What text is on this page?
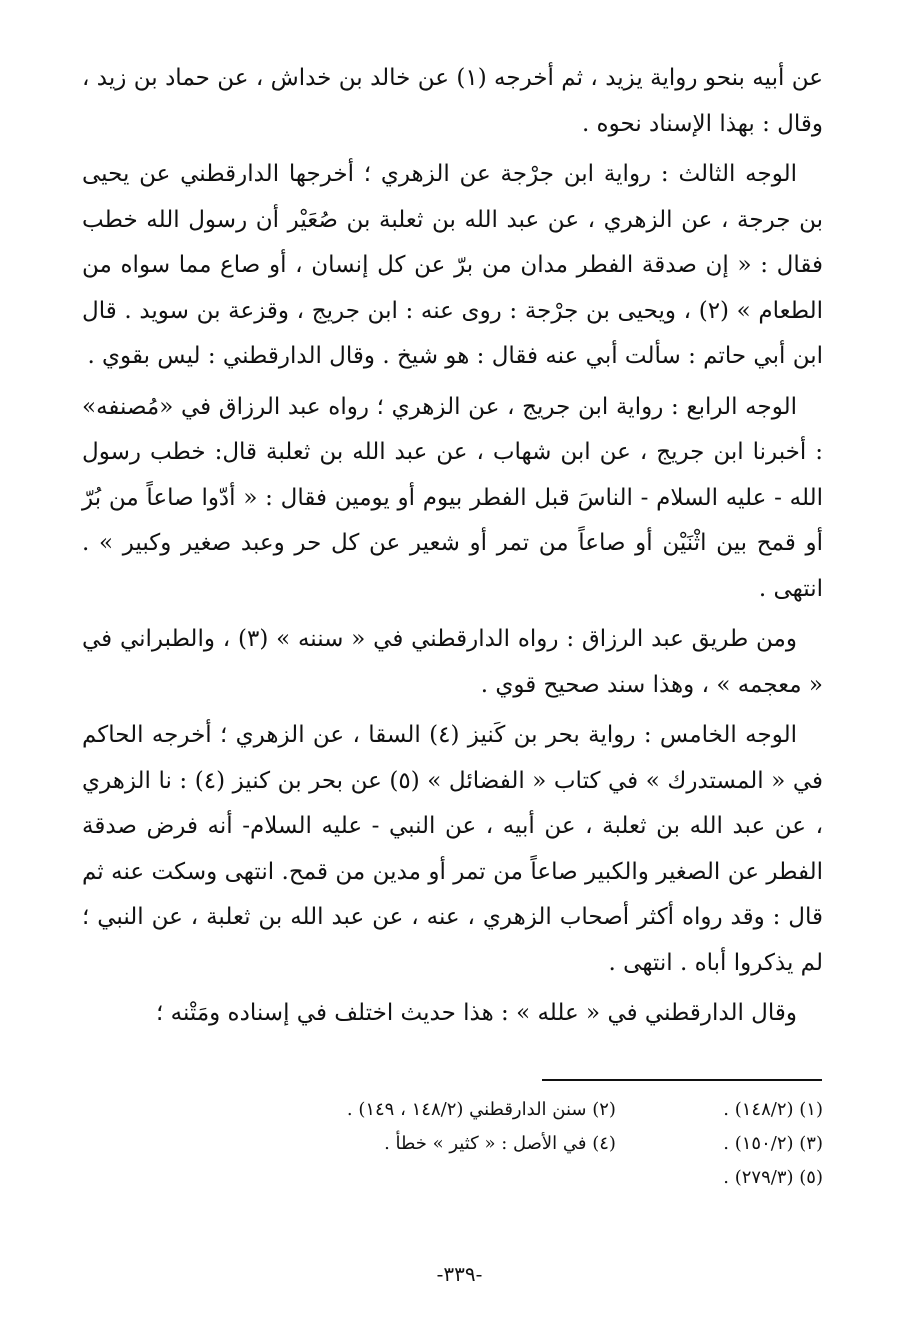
عن أبيه بنحو رواية يزيد ، ثم أخرجه (١) عن خالد بن خداش ، عن حماد بن زيد ، وقال : بهذا الإسناد نحوه .

الوجه الثالث : رواية ابن جرْجة عن الزهري ؛ أخرجها الدارقطني عن يحيى بن جرجة ، عن الزهري ، عن عبد الله بن ثعلبة بن صُعَيْر أن رسول الله خطب فقال : « إن صدقة الفطر مدان من برّ عن كل إنسان ، أو صاع مما سواه من الطعام » (٢) ، ويحيى بن جرْجة : روى عنه : ابن جريج ، وقزعة بن سويد . قال ابن أبي حاتم : سألت أبي عنه فقال : هو شيخ . وقال الدارقطني : ليس بقوي .

الوجه الرابع : رواية ابن جريج ، عن الزهري ؛ رواه عبد الرزاق في «مُصنفه» : أخبرنا ابن جريج ، عن ابن شهاب ، عن عبد الله بن ثعلبة قال: خطب رسول الله - عليه السلام - الناسَ قبل الفطر بيوم أو يومين فقال : « أدّوا صاعاً من بُرّ أو قمح بين اثْنَيْن أو صاعاً من تمر أو شعير عن كل حر وعبد صغير وكبير » . انتهى .

ومن طريق عبد الرزاق : رواه الدارقطني في « سننه » (٣) ، والطبراني في « معجمه » ، وهذا سند صحيح قوي .

الوجه الخامس : رواية بحر بن كَنيز (٤) السقا ، عن الزهري ؛ أخرجه الحاكم في « المستدرك » في كتاب « الفضائل » (٥) عن بحر بن كنيز (٤) : نا الزهري ، عن عبد الله بن ثعلبة ، عن أبيه ، عن النبي - عليه السلام- أنه فرض صدقة الفطر عن الصغير والكبير صاعاً من تمر أو مدين من قمح. انتهى وسكت عنه ثم قال : وقد رواه أكثر أصحاب الزهري ، عنه ، عن عبد الله بن ثعلبة ، عن النبي ؛ لم يذكروا أباه . انتهى .

وقال الدارقطني في « علله » : هذا حديث اختلف في إسناده ومَتْنه ؛

(١) (١٤٨/٢) .
(٢) سنن الدارقطني (١٤٨/٢ ، ١٤٩) .
(٣) (١٥٠/٢) .
(٤) في الأصل : « كثير » خطأ .
(٥) (٢٧٩/٣) .
-٣٣٩-
